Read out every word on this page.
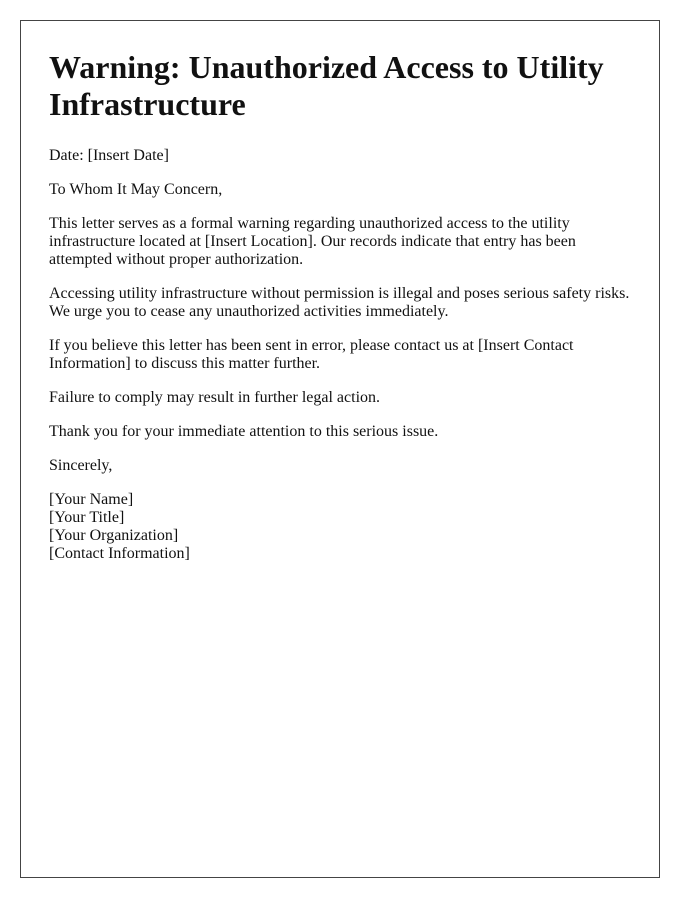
Warning: Unauthorized Access to Utility Infrastructure

Date: [Insert Date]

To Whom It May Concern,

This letter serves as a formal warning regarding unauthorized access to the utility infrastructure located at [Insert Location]. Our records indicate that entry has been attempted without proper authorization.

Accessing utility infrastructure without permission is illegal and poses serious safety risks. We urge you to cease any unauthorized activities immediately.

If you believe this letter has been sent in error, please contact us at [Insert Contact Information] to discuss this matter further.

Failure to comply may result in further legal action.

Thank you for your immediate attention to this serious issue.

Sincerely,

[Your Name]

[Your Title]

[Your Organization]

[Contact Information]
